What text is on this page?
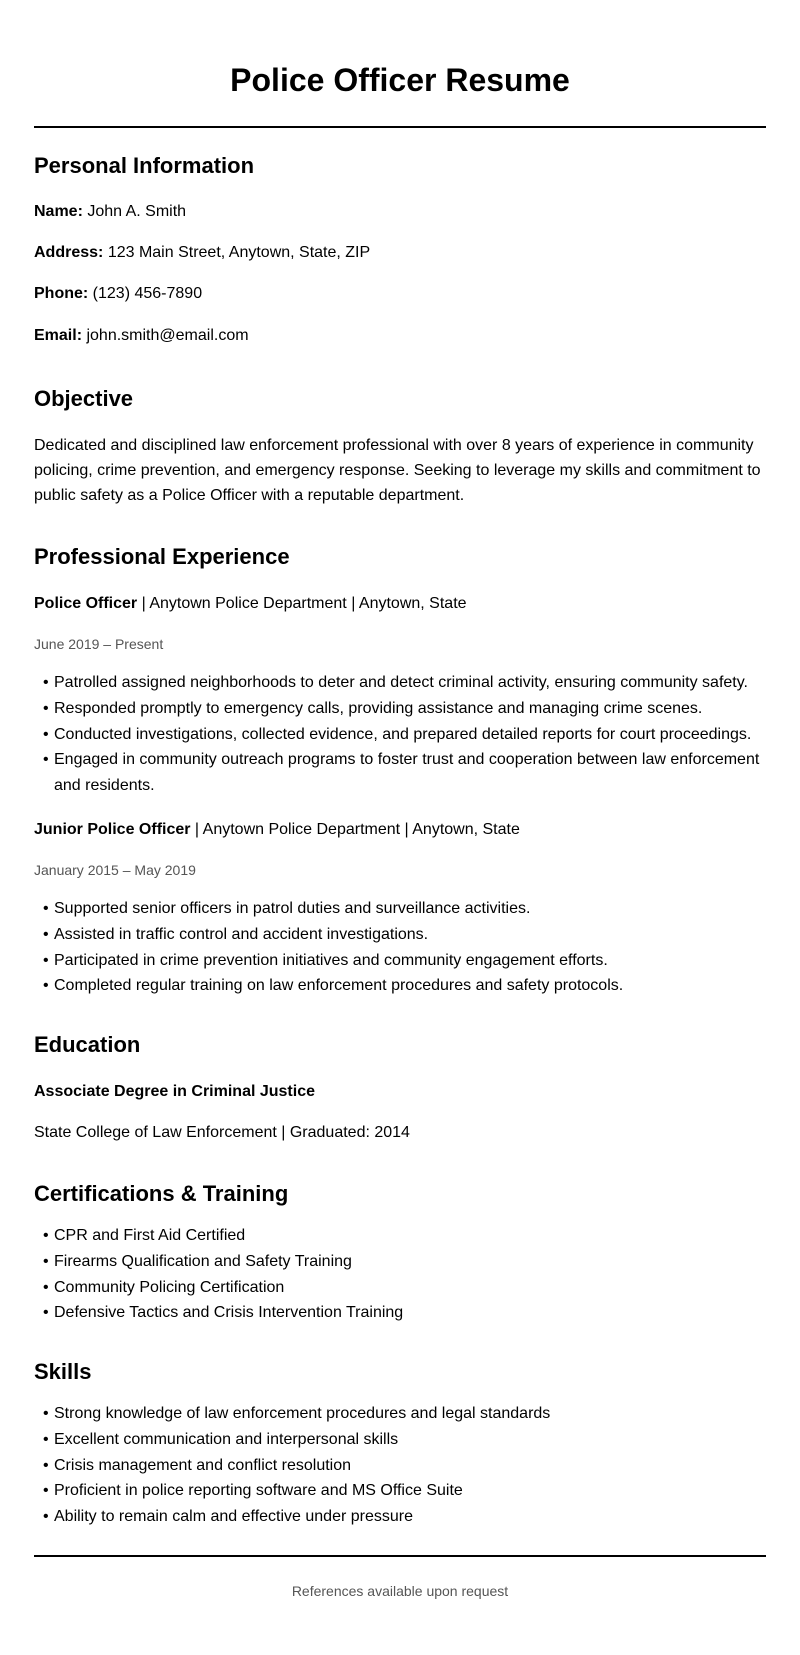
Police Officer Resume
Personal Information

Name: John A. Smith

Address: 123 Main Street, Anytown, State, ZIP

Phone: (123) 456-7890

Email: john.smith@email.com

Objective

Dedicated and disciplined law enforcement professional with over 8 years of experience in community policing, crime prevention, and emergency response. Seeking to leverage my skills and commitment to public safety as a Police Officer with a reputable department.

Professional Experience

Police Officer | Anytown Police Department | Anytown, State

June 2019 – Present

• Patrolled assigned neighborhoods to deter and detect criminal activity, ensuring community safety.
• Responded promptly to emergency calls, providing assistance and managing crime scenes.
• Conducted investigations, collected evidence, and prepared detailed reports for court proceedings.
• Engaged in community outreach programs to foster trust and cooperation between law enforcement and residents.

Junior Police Officer | Anytown Police Department | Anytown, State

January 2015 – May 2019

• Supported senior officers in patrol duties and surveillance activities.
• Assisted in traffic control and accident investigations.
• Participated in crime prevention initiatives and community engagement efforts.
• Completed regular training on law enforcement procedures and safety protocols.
Education

Associate Degree in Criminal Justice

State College of Law Enforcement | Graduated: 2014

Certifications & Training
• CPR and First Aid Certified
• Firearms Qualification and Safety Training
• Community Policing Certification
• Defensive Tactics and Crisis Intervention Training
Skills
• Strong knowledge of law enforcement procedures and legal standards
• Excellent communication and interpersonal skills
• Crisis management and conflict resolution
• Proficient in police reporting software and MS Office Suite
• Ability to remain calm and effective under pressure

References available upon request
